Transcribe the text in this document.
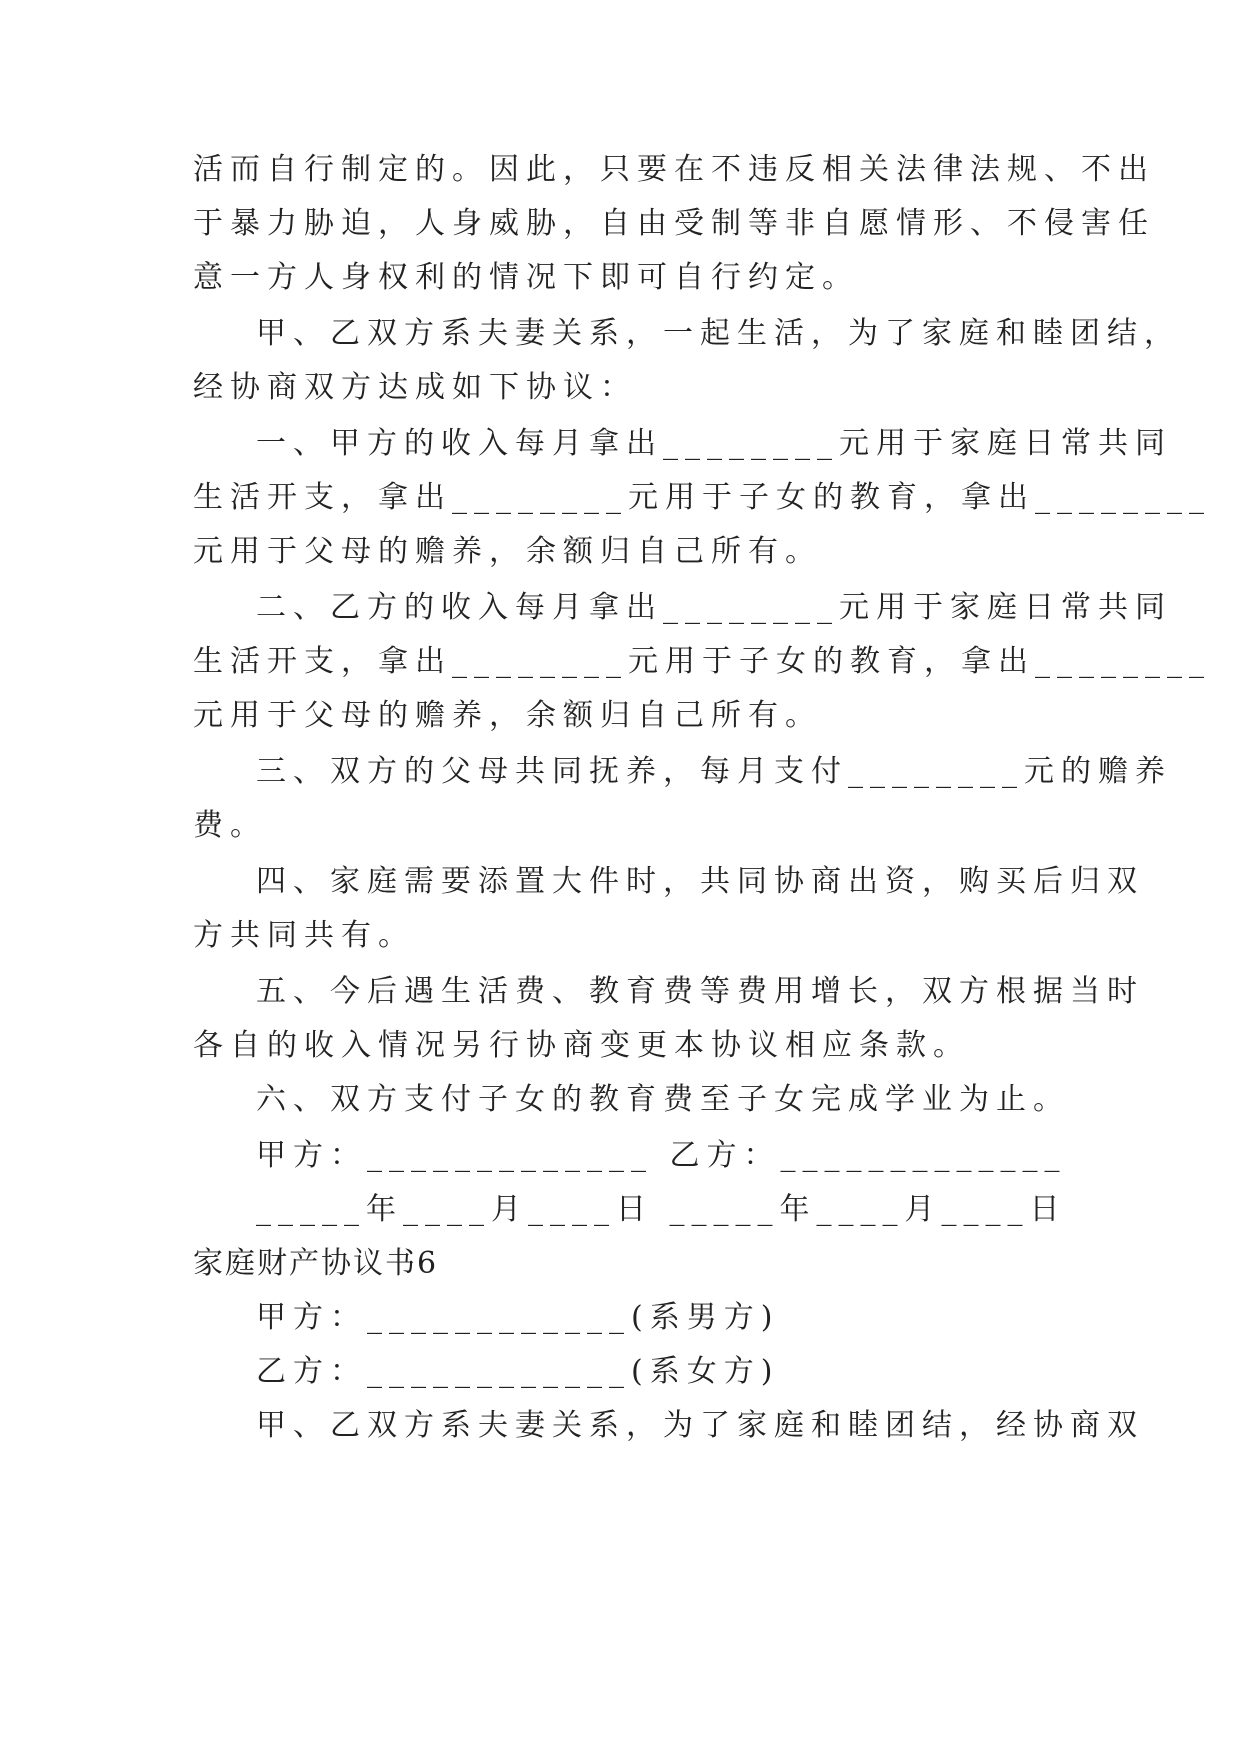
活而自行制定的。因此，只要在不违反相关法律法规、不出
于暴力胁迫，人身威胁，自由受制等非自愿情形、不侵害任
意一方人身权利的情况下即可自行约定。
甲、乙双方系夫妻关系，一起生活，为了家庭和睦团结，
经协商双方达成如下协议：
一、甲方的收入每月拿出________元用于家庭日常共同
生活开支，拿出________元用于子女的教育，拿出________
元用于父母的赡养，余额归自己所有。
二、乙方的收入每月拿出________元用于家庭日常共同
生活开支，拿出________元用于子女的教育，拿出________
元用于父母的赡养，余额归自己所有。
三、双方的父母共同抚养，每月支付________元的赡养
费。
四、家庭需要添置大件时，共同协商出资，购买后归双
方共同共有。
五、今后遇生活费、教育费等费用增长，双方根据当时
各自的收入情况另行协商变更本协议相应条款。
六、双方支付子女的教育费至子女完成学业为止。
甲方：_____________ 乙方：_____________
_____年____月____日 _____年____月____日
家庭财产协议书6
甲方：____________(系男方)
乙方：____________(系女方)
甲、乙双方系夫妻关系，为了家庭和睦团结，经协商双
